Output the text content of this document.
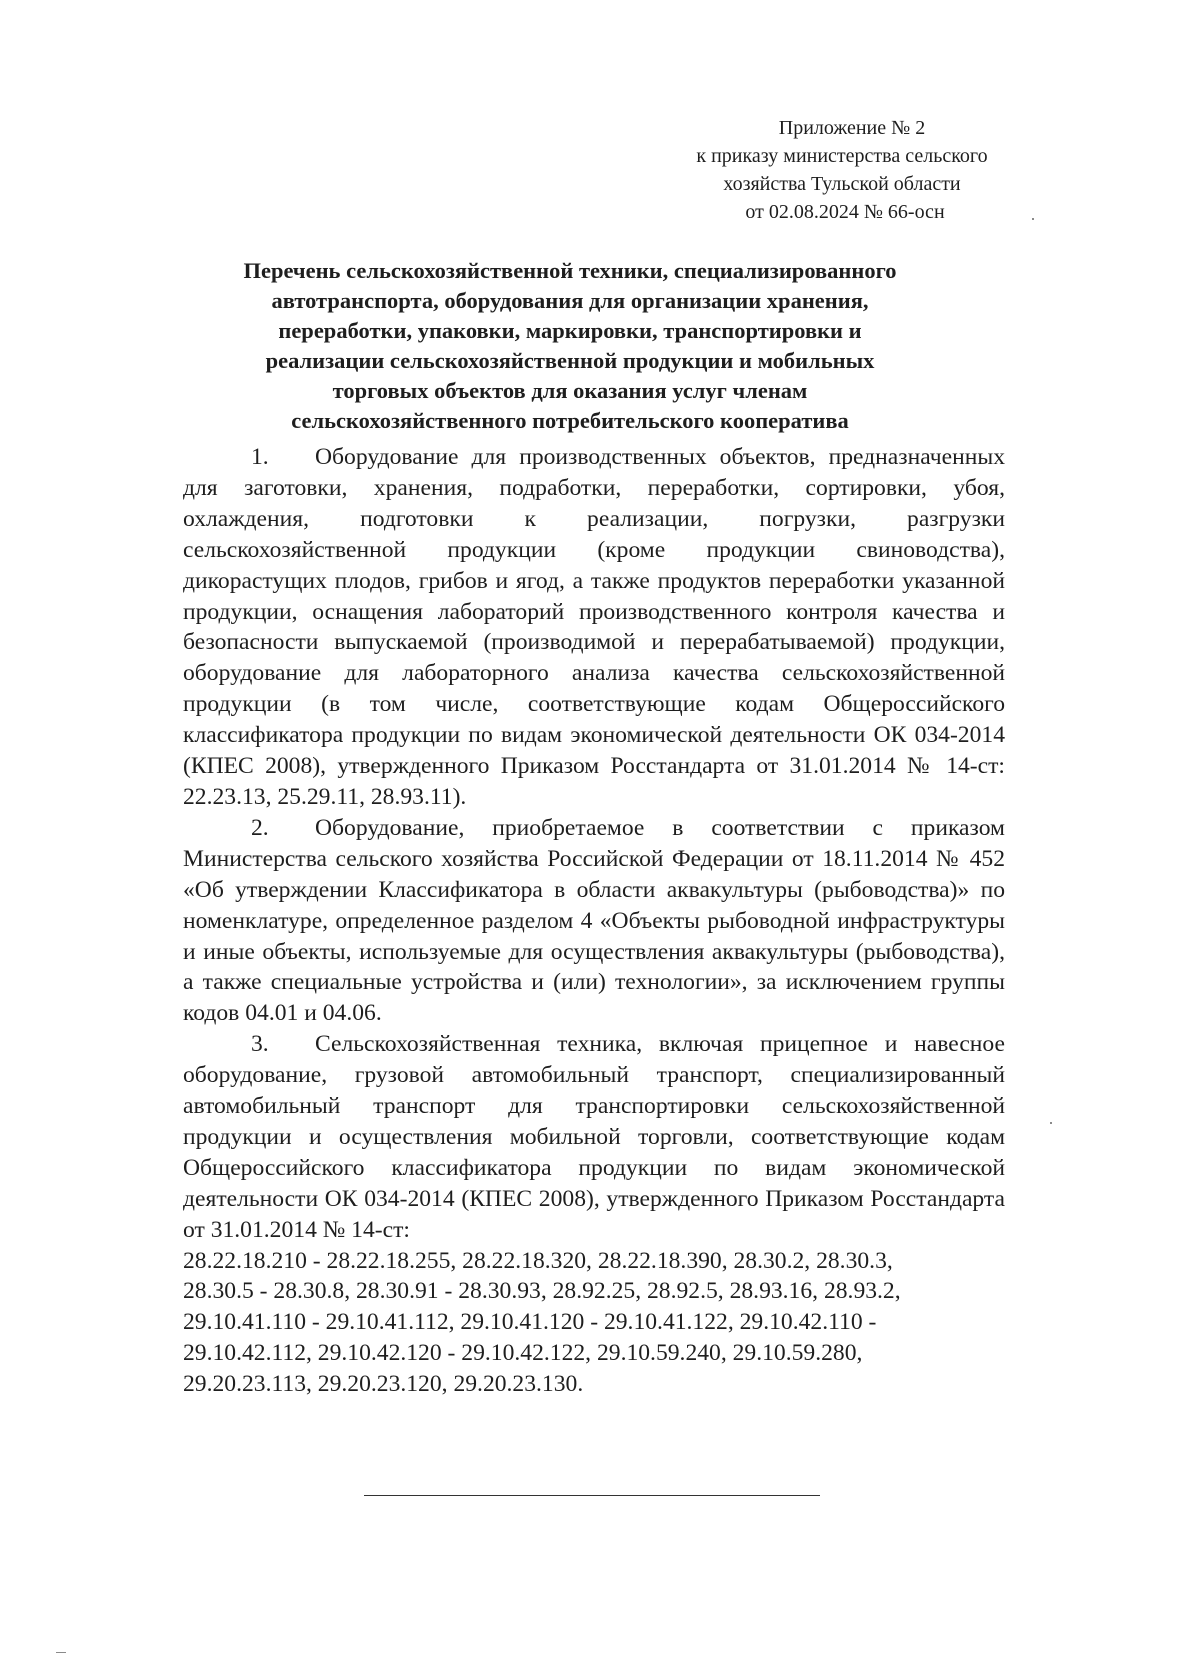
Приложение № 2
к приказу министерства сельского
хозяйства Тульской области
от 02.08.2024 № 66-осн
Перечень сельскохозяйственной техники, специализированного
автотранспорта, оборудования для организации хранения,
переработки, упаковки, маркировки, транспортировки и
реализации сельскохозяйственной продукции и мобильных
торговых объектов для оказания услуг членам
сельскохозяйственного потребительского кооператива

1. Оборудование для производственных объектов, предназначенных для заготовки, хранения, подработки, переработки, сортировки, убоя, охлаждения, подготовки к реализации, погрузки, разгрузки сельскохозяйственной продукции (кроме продукции свиноводства), дикорастущих плодов, грибов и ягод, а также продуктов переработки указанной продукции, оснащения лабораторий производственного контроля качества и безопасности выпускаемой (производимой и перерабатываемой) продукции, оборудование для лабораторного анализа качества сельскохозяйственной продукции (в том числе, соответствующие кодам Общероссийского классификатора продукции по видам экономической деятельности ОК 034-2014 (КПЕС 2008), утвержденного Приказом Росстандарта от 31.01.2014 № 14-ст: 22.23.13, 25.29.11, 28.93.11).

2. Оборудование, приобретаемое в соответствии с приказом Министерства сельского хозяйства Российской Федерации от 18.11.2014 № 452 «Об утверждении Классификатора в области аквакультуры (рыбоводства)» по номенклатуре, определенное разделом 4 «Объекты рыбоводной инфраструктуры и иные объекты, используемые для осуществления аквакультуры (рыбоводства), а также специальные устройства и (или) технологии», за исключением группы кодов 04.01 и 04.06.

3. Сельскохозяйственная техника, включая прицепное и навесное оборудование, грузовой автомобильный транспорт, специализированный автомобильный транспорт для транспортировки сельскохозяйственной продукции и осуществления мобильной торговли, соответствующие кодам Общероссийского классификатора продукции по видам экономической деятельности ОК 034-2014 (КПЕС 2008), утвержденного Приказом Росстандарта от 31.01.2014 № 14-ст:

28.22.18.210 - 28.22.18.255, 28.22.18.320, 28.22.18.390, 28.30.2, 28.30.3,
28.30.5 - 28.30.8, 28.30.91 - 28.30.93, 28.92.25, 28.92.5, 28.93.16, 28.93.2,
29.10.41.110 - 29.10.41.112, 29.10.41.120 - 29.10.41.122, 29.10.42.110 -
29.10.42.112, 29.10.42.120 - 29.10.42.122, 29.10.59.240, 29.10.59.280,
29.20.23.113, 29.20.23.120, 29.20.23.130.
